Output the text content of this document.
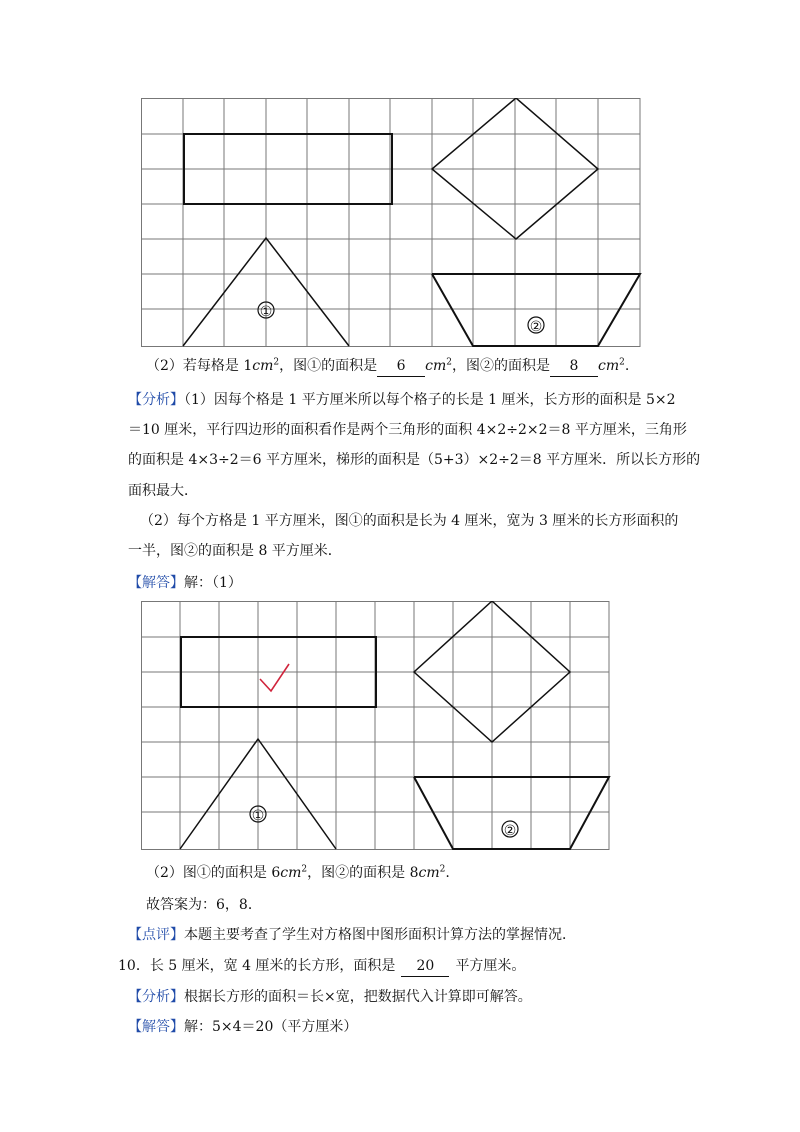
①
②
（2）若每格是 $1cm^2$，图①的面积是 6 $cm^2$，图②的面积是 8 $cm^2$.
【分析】（1）因每个格是 1 平方厘米所以每个格子的长是 1 厘米，长方形的面积是 5×2
＝10 厘米，平行四边形的面积看作是两个三角形的面积 4×2÷2×2＝8 平方厘米，三角形
的面积是 4×3÷2＝6 平方厘米，梯形的面积是（5+3）×2÷2＝8 平方厘米．所以长方形的
面积最大．
（2）每个方格是 1 平方厘米，图①的面积是长为 4 厘米，宽为 3 厘米的长方形面积的
一半，图②的面积是 8 平方厘米．
【解答】解：（1）
①
②
（2）图①的面积是 $6cm^2$，图②的面积是 $8cm^2$.
故答案为：6，8．
【点评】本题主要考查了学生对方格图中图形面积计算方法的掌握情况．
10．长 5 厘米，宽 4 厘米的长方形，面积是 20 平方厘米。
【分析】根据长方形的面积＝长×宽，把数据代入计算即可解答。
【解答】解：5×4＝20（平方厘米）
